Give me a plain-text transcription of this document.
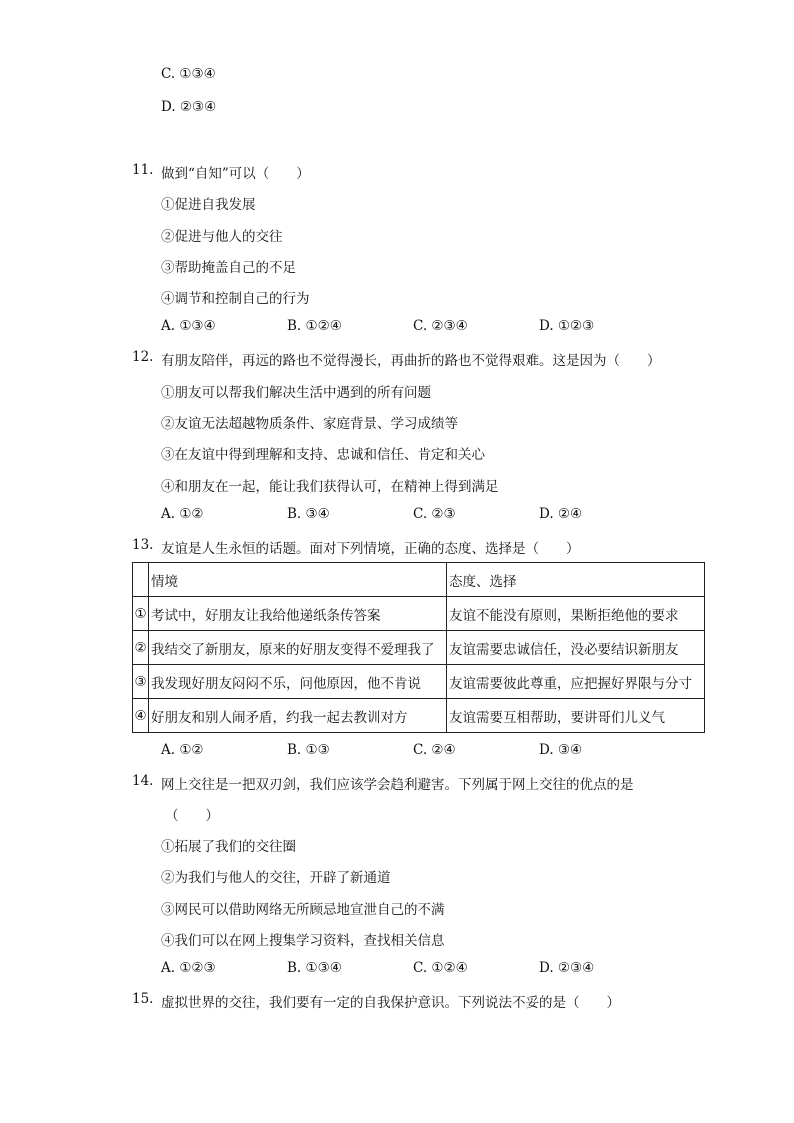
C. ①③④
D. ②③④
11. 做到“自知”可以（　　）
①促进自我发展
②促进与他人的交往
③帮助掩盖自己的不足
④调节和控制自己的行为
A. ①③④	B. ①②④	C. ②③④	D. ①②③
12. 有朋友陪伴，再远的路也不觉得漫长，再曲折的路也不觉得艰难。这是因为（　　）
①朋友可以帮我们解决生活中遇到的所有问题
②友谊无法超越物质条件、家庭背景、学习成绩等
③在友谊中得到理解和支持、忠诚和信任、肯定和关心
④和朋友在一起，能让我们获得认可，在精神上得到满足
A. ①②	B. ③④	C. ②③	D. ②④
13. 友谊是人生永恒的话题。面对下列情境，正确的态度、选择是（　　）
	情境	态度、选择
①	考试中，好朋友让我给他递纸条传答案	友谊不能没有原则，果断拒绝他的要求
②	我结交了新朋友，原来的好朋友变得不爱理我了	友谊需要忠诚信任，没必要结识新朋友
③	我发现好朋友闷闷不乐，问他原因，他不肯说	友谊需要彼此尊重，应把握好界限与分寸
④	好朋友和别人闹矛盾，约我一起去教训对方	友谊需要互相帮助，要讲哥们儿义气
A. ①②	B. ①③	C. ②④	D. ③④
14. 网上交往是一把双刃剑，我们应该学会趋利避害。下列属于网上交往的优点的是
（　　）
①拓展了我们的交往圈
②为我们与他人的交往，开辟了新通道
③网民可以借助网络无所顾忌地宣泄自己的不满
④我们可以在网上搜集学习资料，查找相关信息
A. ①②③	B. ①③④	C. ①②④	D. ②③④
15. 虚拟世界的交往，我们要有一定的自我保护意识。下列说法不妥的是（　　）
